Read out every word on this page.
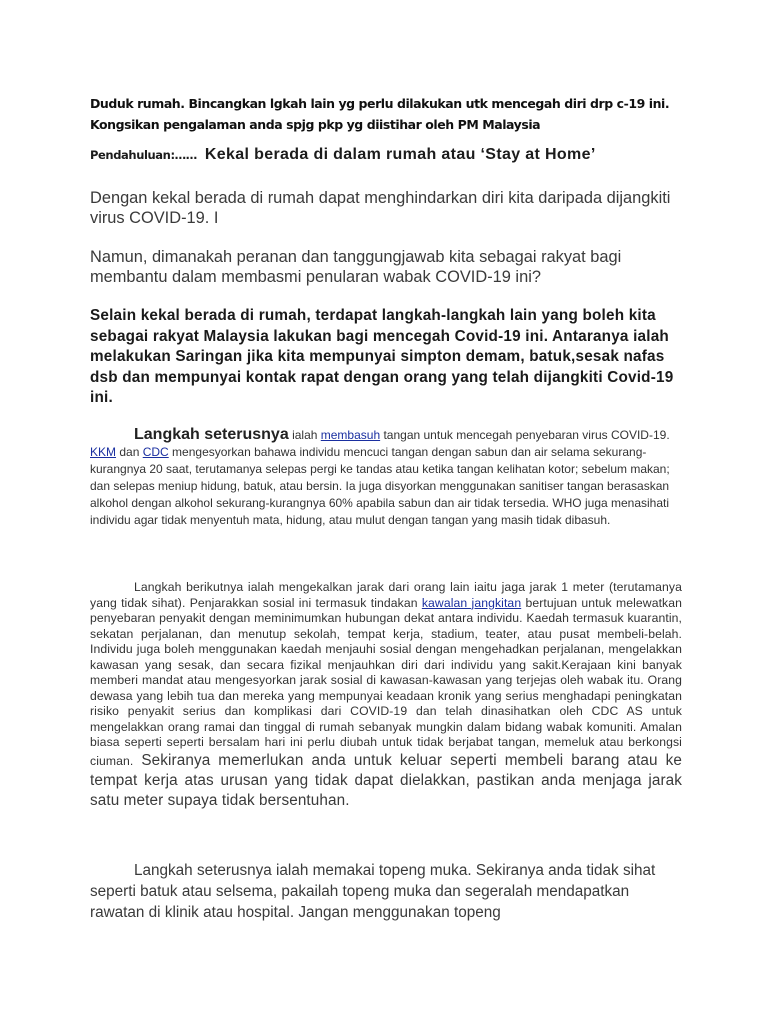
Duduk rumah. Bincangkan lgkah lain yg perlu dilakukan utk mencegah diri drp c-19 ini. Kongsikan pengalaman anda spjg pkp yg diistihar oleh PM Malaysia

Pendahuluan:…… Kekal berada di dalam rumah atau ‘Stay at Home’

Dengan kekal berada di rumah dapat menghindarkan diri kita daripada dijangkiti virus COVID-19. I

Namun, dimanakah peranan dan tanggungjawab kita sebagai rakyat bagi membantu dalam membasmi penularan wabak COVID-19 ini?

Selain kekal berada di rumah, terdapat langkah-langkah lain yang boleh kita sebagai rakyat Malaysia lakukan bagi mencegah Covid-19 ini. Antaranya ialah melakukan Saringan jika kita mempunyai simpton demam, batuk,sesak nafas dsb dan mempunyai kontak rapat dengan orang yang telah dijangkiti Covid-19 ini.

Langkah seterusnya ialah membasuh tangan untuk mencegah penyebaran virus COVID-19. KKM dan CDC mengesyorkan bahawa individu mencuci tangan dengan sabun dan air selama sekurang-kurangnya 20 saat, terutamanya selepas pergi ke tandas atau ketika tangan kelihatan kotor; sebelum makan; dan selepas meniup hidung, batuk, atau bersin. Ia juga disyorkan menggunakan sanitiser tangan berasaskan alkohol dengan alkohol sekurang-kurangnya 60% apabila sabun dan air tidak tersedia. WHO juga menasihati individu agar tidak menyentuh mata, hidung, atau mulut dengan tangan yang masih tidak dibasuh.

Langkah berikutnya ialah mengekalkan jarak dari orang lain iaitu jaga jarak 1 meter (terutamanya yang tidak sihat). Penjarakkan sosial ini termasuk tindakan kawalan jangkitan bertujuan untuk melewatkan penyebaran penyakit dengan meminimumkan hubungan dekat antara individu. Kaedah termasuk kuarantin, sekatan perjalanan, dan menutup sekolah, tempat kerja, stadium, teater, atau pusat membeli-belah. Individu juga boleh menggunakan kaedah menjauhi sosial dengan mengehadkan perjalanan, mengelakkan kawasan yang sesak, dan secara fizikal menjauhkan diri dari individu yang sakit.Kerajaan kini banyak memberi mandat atau mengesyorkan jarak sosial di kawasan-kawasan yang terjejas oleh wabak itu. Orang dewasa yang lebih tua dan mereka yang mempunyai keadaan kronik yang serius menghadapi peningkatan risiko penyakit serius dan komplikasi dari COVID-19 dan telah dinasihatkan oleh CDC AS untuk mengelakkan orang ramai dan tinggal di rumah sebanyak mungkin dalam bidang wabak komuniti. Amalan biasa seperti seperti bersalam hari ini perlu diubah untuk tidak berjabat tangan, memeluk atau berkongsi ciuman. Sekiranya memerlukan anda untuk keluar seperti membeli barang atau ke tempat kerja atas urusan yang tidak dapat dielakkan, pastikan anda menjaga jarak satu meter supaya tidak bersentuhan.

Langkah seterusnya ialah memakai topeng muka. Sekiranya anda tidak sihat seperti batuk atau selsema, pakailah topeng muka dan segeralah mendapatkan rawatan di klinik atau hospital. Jangan menggunakan topeng
